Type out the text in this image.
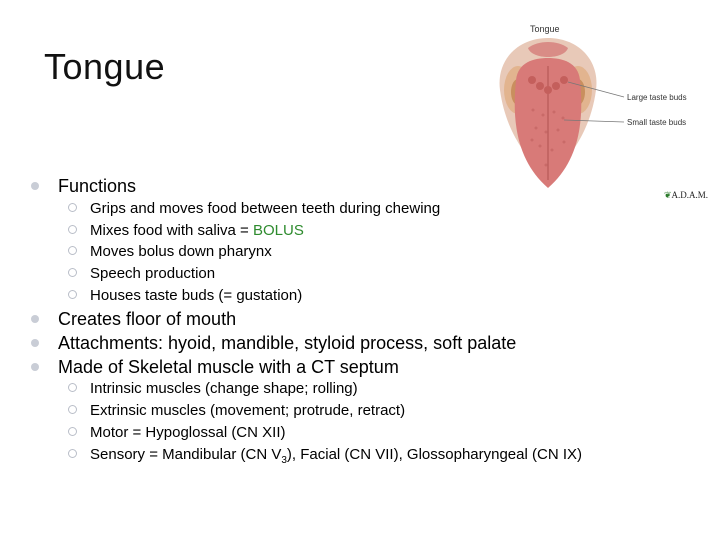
Tongue
Tongue
Large taste buds
Small taste buds
❦A.D.A.M.
Functions
Grips and moves food between teeth during chewing
Mixes food with saliva = BOLUS
Moves bolus down pharynx
Speech production
Houses taste buds (= gustation)
Creates floor of mouth
Attachments: hyoid, mandible, styloid process, soft palate
Made of Skeletal muscle with a CT septum
Intrinsic muscles (change shape; rolling)
Extrinsic muscles (movement; protrude, retract)
Motor = Hypoglossal (CN XII)
Sensory = Mandibular (CN $V_3$), Facial (CN VII), Glossopharyngeal (CN IX)
